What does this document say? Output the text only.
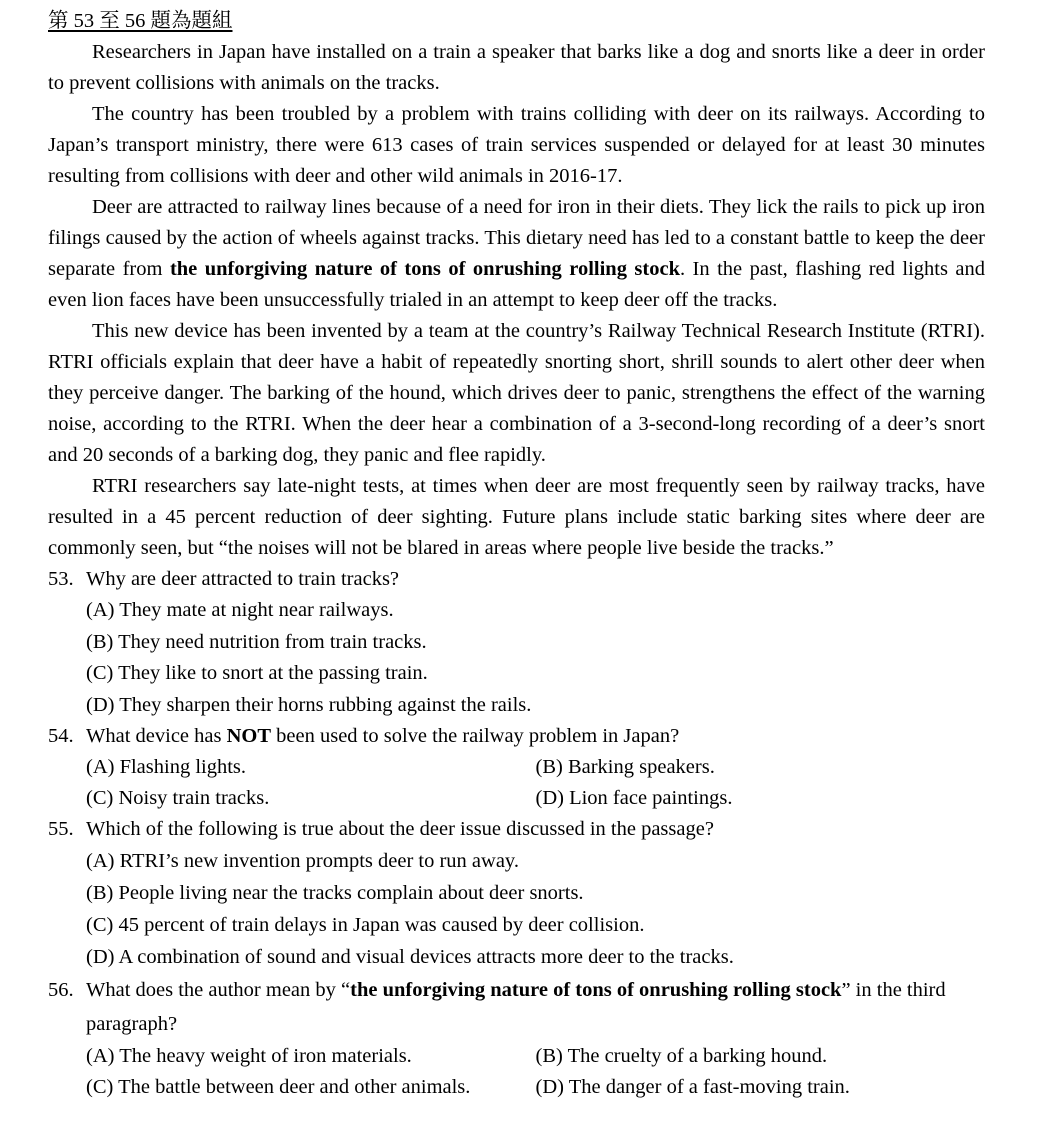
第 53 至 56 題為題組

Researchers in Japan have installed on a train a speaker that barks like a dog and snorts like a deer in order to prevent collisions with animals on the tracks.

The country has been troubled by a problem with trains colliding with deer on its railways. According to Japan’s transport ministry, there were 613 cases of train services suspended or delayed for at least 30 minutes resulting from collisions with deer and other wild animals in 2016-17.

Deer are attracted to railway lines because of a need for iron in their diets. They lick the rails to pick up iron filings caused by the action of wheels against tracks. This dietary need has led to a constant battle to keep the deer separate from the unforgiving nature of tons of onrushing rolling stock. In the past, flashing red lights and even lion faces have been unsuccessfully trialed in an attempt to keep deer off the tracks.

This new device has been invented by a team at the country’s Railway Technical Research Institute (RTRI). RTRI officials explain that deer have a habit of repeatedly snorting short, shrill sounds to alert other deer when they perceive danger. The barking of the hound, which drives deer to panic, strengthens the effect of the warning noise, according to the RTRI. When the deer hear a combination of a 3-second-long recording of a deer’s snort and 20 seconds of a barking dog, they panic and flee rapidly.

RTRI researchers say late-night tests, at times when deer are most frequently seen by railway tracks, have resulted in a 45 percent reduction of deer sighting. Future plans include static barking sites where deer are commonly seen, but “the noises will not be blared in areas where people live beside the tracks.”

53. Why are deer attracted to train tracks?
(A) They mate at night near railways.
(B) They need nutrition from train tracks.
(C) They like to snort at the passing train.
(D) They sharpen their horns rubbing against the rails.
54. What device has NOT been used to solve the railway problem in Japan?
(A) Flashing lights.	(B) Barking speakers.
(C) Noisy train tracks.	(D) Lion face paintings.
55. Which of the following is true about the deer issue discussed in the passage?
(A) RTRI’s new invention prompts deer to run away.
(B) People living near the tracks complain about deer snorts.
(C) 45 percent of train delays in Japan was caused by deer collision.
(D) A combination of sound and visual devices attracts more deer to the tracks.
56. What does the author mean by “the unforgiving nature of tons of onrushing rolling stock” in the third paragraph?
(A) The heavy weight of iron materials.	(B) The cruelty of a barking hound.
(C) The battle between deer and other animals.	(D) The danger of a fast-moving train.
